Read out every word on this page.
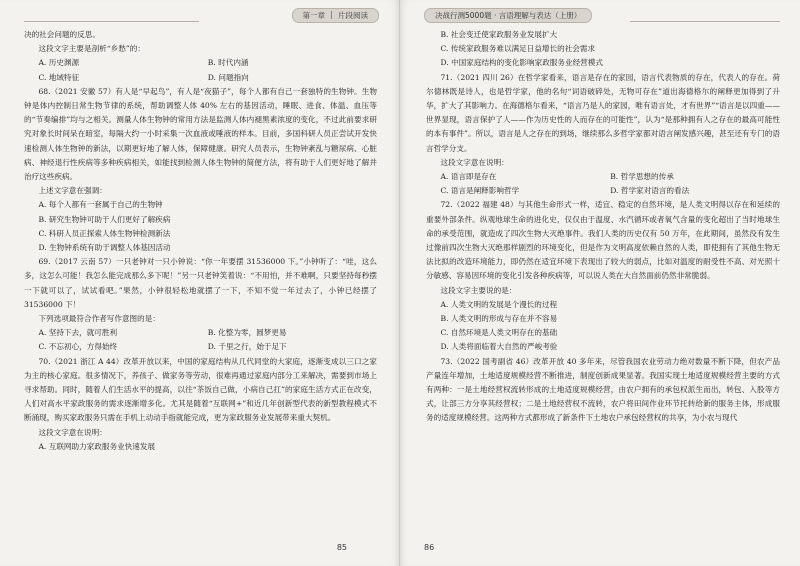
第一章 片段阅读

决的社会问题的反思。

这段文字主要是剖析“乡愁”的：

A. 历史渊源	B. 时代内涵
C. 地域特征	D. 问题指向

68.（2021 安徽 57）有人是“早起鸟”，有人是“夜猫子”，每个人都有自己一套独特的生物钟。生物钟是体内控制日常生物节律的系统，帮助调整人体 40% 左右的基因活动，睡眠、进食、体温、血压等的“节奏编排”均与之相关。测量人体生物钟的常用方法是监测人体内褪黑素浓度的变化，不过此前要求研究对象长时间呆在暗室，每隔大约一小时采集一次血液或唾液的样本。目前，多国科研人员正尝试开发快速检测人体生物钟的新法，以期更好地了解人体，保障健康。研究人员表示，生物钟紊乱与糖尿病、心脏病、神经退行性疾病等多种疾病相关，如能找到检测人体生物钟的简便方法，将有助于人们更好地了解并治疗这些疾病。

上述文字意在强调：

A. 每个人都有一套属于自己的生物钟

B. 研究生物钟可助于人们更好了解疾病

C. 科研人员正探索人体生物钟检测新法

D. 生物钟系统有助于调整人体基因活动

69.（2017 云南 57）一只老钟对一只小钟说：“你一年要摆 31536000 下。”小钟听了：“哇，这么多，这怎么可能！我怎么能完成那么多下呢！”另一只老钟笑着说：“不用怕，并不难啊，只要坚持每秒摆一下就可以了，试试看吧。”果然，小钟很轻松地就摆了一下，不知不觉一年过去了，小钟已经摆了 31536000 下！

下列选项最符合作者写作意图的是：

A. 坚持下去，就可胜利	B. 化整为零，圆梦更易
C. 不忘初心，方得始终	D. 千里之行，始于足下

70.（2021 浙江 A 44）改革开放以来，中国的家庭结构从几代同堂的大家庭，逐渐变成以三口之家为主的核心家庭。很多情况下，养孩子、做家务等劳动，很难再通过家庭内部分工来解决，需要到市场上寻求帮助。同时，随着人们生活水平的提高，以往“茶饭自己做，小病自己扛”的家庭生活方式正在改变，人们对高水平家政服务的需求逐渐增多化。尤其是随着“互联网+”和近几年创新型代表的新型教程模式不断涌现，购买家政服务只需在手机上动动手指就能完成，更为家政服务业发展带来重大契机。

这段文字意在说明：

A. 互联网助力家政服务业快速发展

85
决战行测5000题 · 言语理解与表达（上册）

B. 社会变迁使家政服务业发展扩大

C. 传统家政服务难以满足日益增长的社会需求

D. 中国家庭结构的变化影响家政服务业经营模式

71.（2021 四川 26）在哲学家看来，语言是存在的家园，语言代表物质的存在，代表人的存在。荷尔德林既是诗人，也是哲学家，他的名句“词语破碎处，无物可存在”道出海德格尔的阐释更加得到了升华，扩大了其影响力。在海德格尔看来，“语言乃是人的家园，唯有语言处，才有世界”“语言是以四重——世界显现，语言保护了人——作为历史性的人而存在的可能性”，认为“是那种拥有人之存在的最高可能性的本有事件”。所以，语言是人之存在的到场，继续那么多哲学家都对语言阐发感兴趣，甚至还有专门的语言哲学分支。

这段文字意在说明：

A. 语言即是存在	B. 哲学思想的传承
C. 语言是阐释影响哲学	D. 哲学家对语言的看法

72.（2022 福建 48）与其他生命形式一样，适宜、稳定的自然环境，是人类文明得以存在和延续的重要外部条件。纵观地球生命的进化史，仅仅由于温度、水汽循环或者氧气含量的变化超出了当时地球生命的承受范围，就造成了四次生物大灭绝事件。我们人类的历史仅有 50 万年，在此期间，虽然没有发生过像前四次生物大灭绝那样剧烈的环境变化，但是作为文明高度依赖自然的人类，即使拥有了其他生物无法比拟的改造环境能力，即仍然在适宜环境下表现出了较大的弱点，比如对温度的耐受性不高、对光照十分敏感、容易因环境的变化引发各种疾病等，可以说人类在大自然面前仍然非常脆弱。

这段文字主要说的是：

A. 人类文明的发展是个漫长的过程

B. 人类文明的形成与存在并不容易

C. 自然环境是人类文明存在的基础

D. 人类将面临着大自然的严峻考验

73.（2022 国考副省 46）改革开放 40 多年来，尽管我国农业劳动力绝对数量不断下降，但农产品产量连年增加，土地适度规模经营不断推进，制度创新成果显著。我国实现土地适度规模经营主要的方式有两种：一是土地经营权流转形成的土地适度规模经营，由农户拥有的承包权派生而出，转包、入股等方式，让部三方分享其经营权；二是土地经营权不流转，农户将田间作业环节托转给新的服务主体，形成服务的适度规模经营。这两种方式都形成了新条件下土地农户承包经营权的共享，为小农与现代

86
